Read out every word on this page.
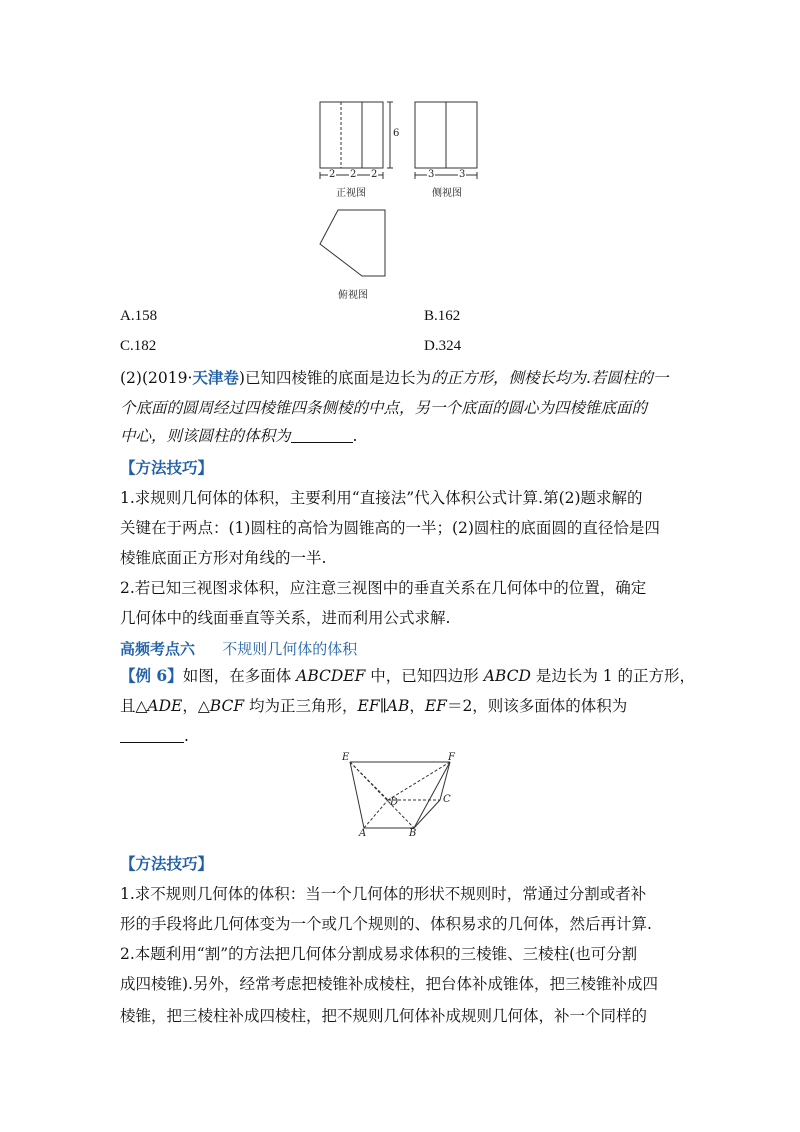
6
2 2 2	3 3
正视图	侧视图
俯视图
A.158	B.162
C.182	D.324
(2)(2019·天津卷)已知四棱锥的底面是边长为的正方形，侧棱长均为.若圆柱的一
个底面的圆周经过四棱锥四条侧棱的中点，另一个底面的圆心为四棱锥底面的
中心，则该圆柱的体积为	.
【方法技巧】
1.求规则几何体的体积，主要利用“直接法”代入体积公式计算.第(2)题求解的
关键在于两点：(1)圆柱的高恰为圆锥高的一半；(2)圆柱的底面圆的直径恰是四
棱锥底面正方形对角线的一半.
2.若已知三视图求体积，应注意三视图中的垂直关系在几何体中的位置，确定
几何体中的线面垂直等关系，进而利用公式求解.
高频考点六 不规则几何体的体积
【例 6】如图，在多面体 ABCDEF 中，已知四边形 ABCD 是边长为 1 的正方形，
且△ADE，△BCF 均为正三角形，EF∥AB，EF＝2，则该多面体的体积为
.
E	F
D	C
A	B
【方法技巧】
1.求不规则几何体的体积：当一个几何体的形状不规则时，常通过分割或者补
形的手段将此几何体变为一个或几个规则的、体积易求的几何体，然后再计算.
2.本题利用“割”的方法把几何体分割成易求体积的三棱锥、三棱柱(也可分割
成四棱锥).另外，经常考虑把棱锥补成棱柱，把台体补成锥体，把三棱锥补成四
棱锥，把三棱柱补成四棱柱，把不规则几何体补成规则几何体，补一个同样的
